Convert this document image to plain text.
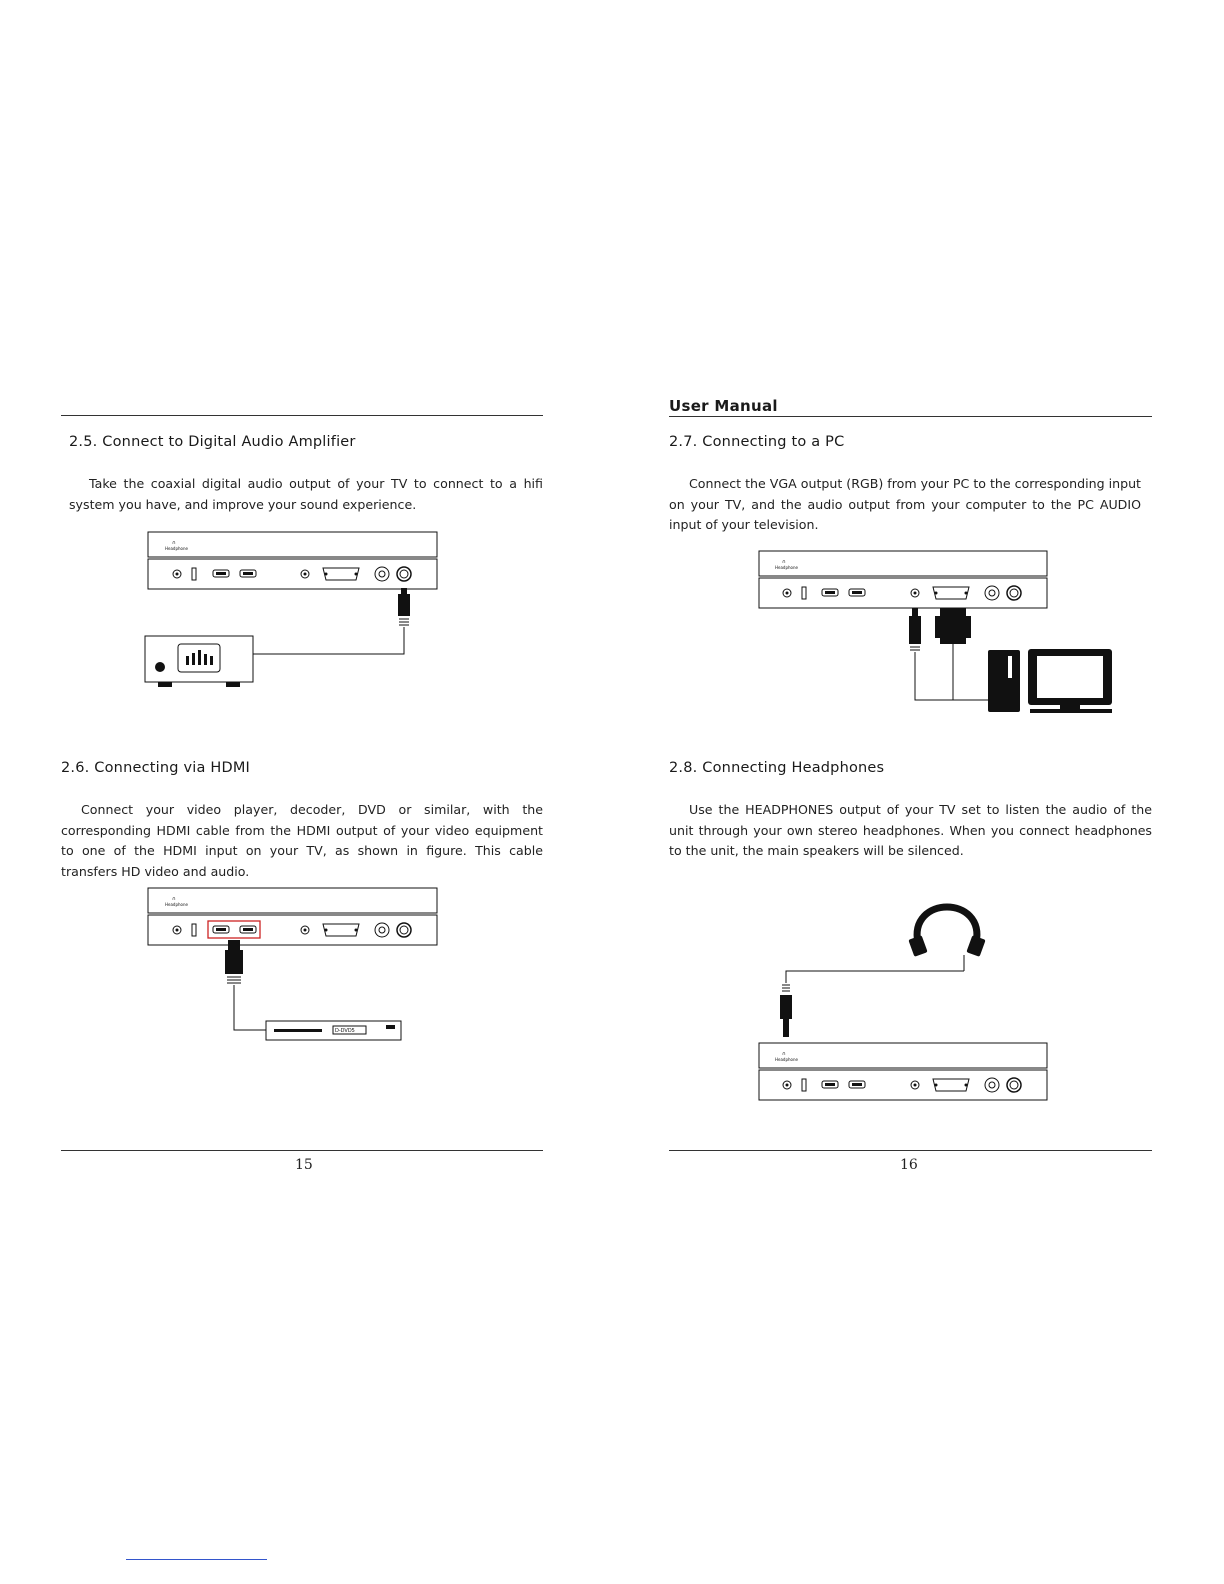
User Manual
2.5. Connect to Digital Audio Amplifier

Take the coaxial digital audio output of your TV to connect to a hifi system you have, and improve your sound experience.

Headphone
∩
2.6. Connecting via HDMI

Connect your video player, decoder, DVD or similar, with the corresponding HDMI cable from the HDMI output of your video equipment to one of the HDMI input on your TV, as shown in figure. This cable transfers HD video and audio.

Headphone
∩
D-DVD5
15	16
2.7. Connecting to a PC

Connect the VGA output (RGB) from your PC to the corresponding input on your TV, and the audio output from your computer to the PC AUDIO input of your television.

Headphone
∩
2.8. Connecting Headphones

Use the HEADPHONES output of your TV set to listen the audio of the unit through your own stereo headphones. When you connect headphones to the unit, the main speakers will be silenced.

Headphone
∩
